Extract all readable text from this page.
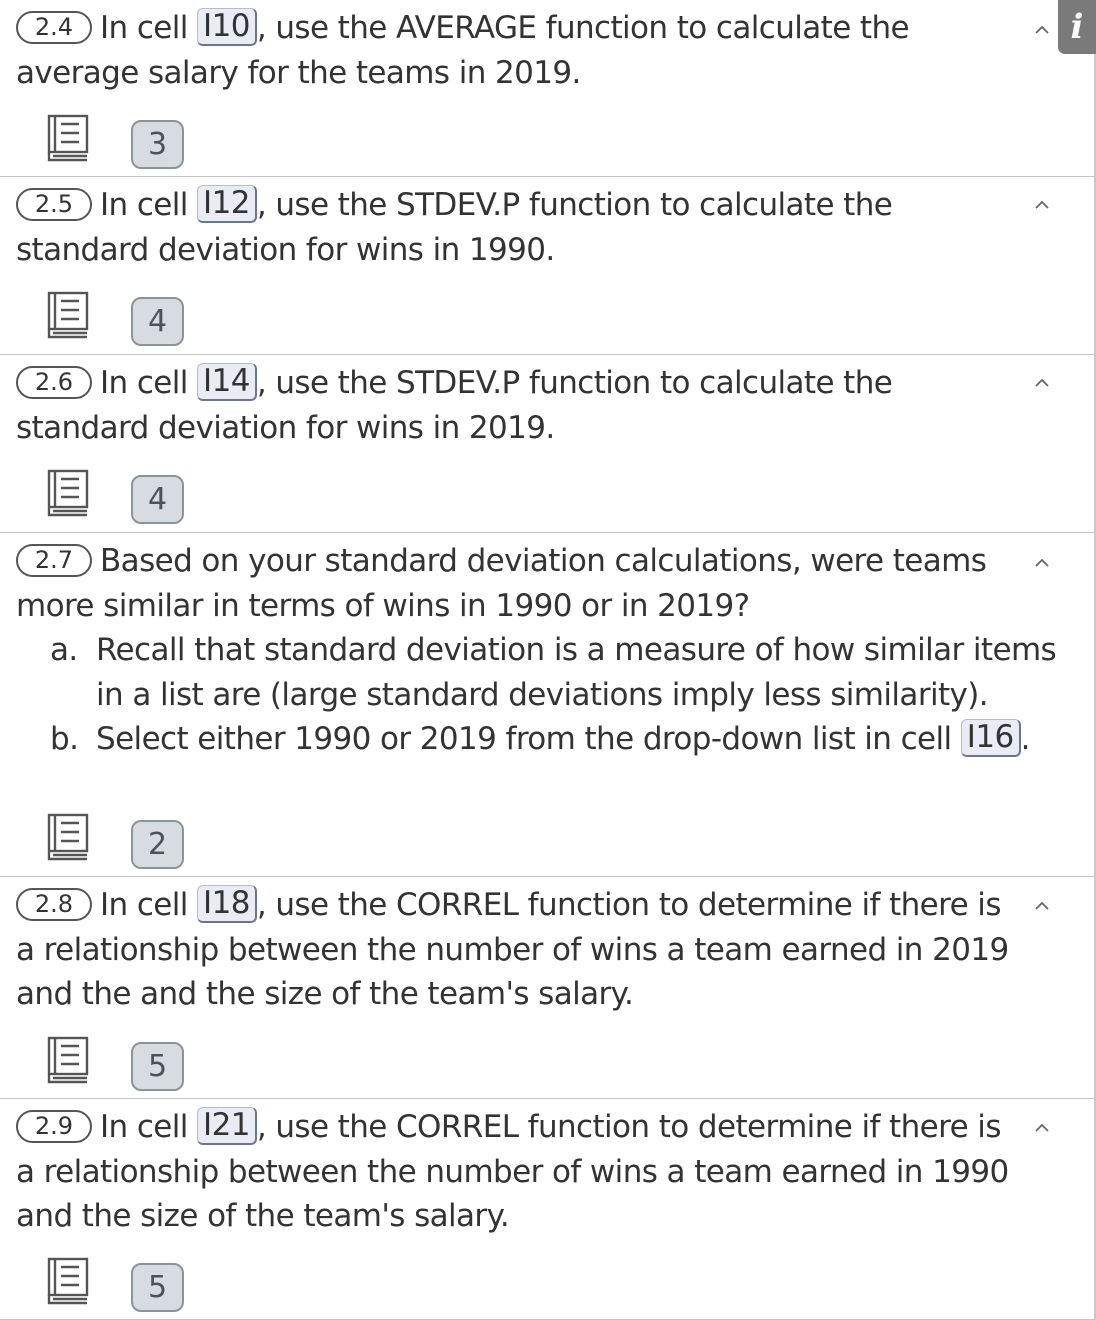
2.4 In cell I10 , use the AVERAGE function to calculate the average salary for the teams in 2019.
3
2.5 In cell I12 , use the STDEV.P function to calculate the standard deviation for wins in 1990.
4
2.6 In cell I14 , use the STDEV.P function to calculate the standard deviation for wins in 2019.
4
2.7 Based on your standard deviation calculations, were teams more similar in terms of wins in 1990 or in 2019?
a. Recall that standard deviation is a measure of how similar items in a list are (large standard deviations imply less similarity).
b. Select either 1990 or 2019 from the drop-down list in cell I16 .
2
2.8 In cell I18 , use the CORREL function to determine if there is a relationship between the number of wins a team earned in 2019 and the and the size of the team's salary.
5
2.9 In cell I21 , use the CORREL function to determine if there is a relationship between the number of wins a team earned in 1990 and the size of the team's salary.
5
i
